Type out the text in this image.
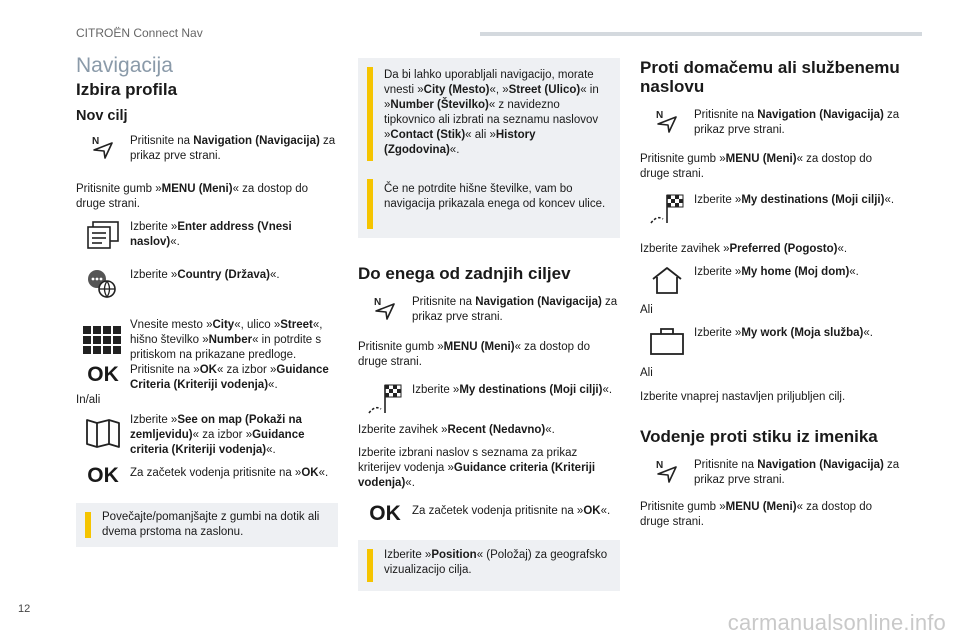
CITROËN Connect Nav
Navigacija
Izbira profila
Nov cilj
N	Pritisnite na Navigation (Navigacija) za prikaz prve strani.

Pritisnite gumb »MENU (Meni)« za dostop do druge strani.

Izberite »Enter address (Vnesi naslov)«.
Izberite »Country (Država)«.
Vnesite mesto »City«, ulico »Street«, hišno številko »Number« in potrdite s pritiskom na prikazane predloge.
OK Pritisnite na »OK« za izbor »Guidance Criteria (Kriteriji vodenja)«.

In/ali

Izberite »See on map (Pokaži na zemljevidu)« za izbor »Guidance criteria (Kriteriji vodenja)«.
OK Za začetek vodenja pritisnite na »OK«.
Povečajte/pomanjšajte z gumbi na dotik ali dvema prstoma na zaslonu.
Da bi lahko uporabljali navigacijo, morate vnesti »City (Mesto)«, »Street (Ulico)« in »Number (Številko)« z navidezno tipkovnico ali izbrati na seznamu naslovov »Contact (Stik)« ali »History (Zgodovina)«.
Če ne potrdite hišne številke, vam bo navigacija prikazala enega od koncev ulice.
Do enega od zadnjih ciljev
N	Pritisnite na Navigation (Navigacija) za prikaz prve strani.

Pritisnite gumb »MENU (Meni)« za dostop do druge strani.

Izberite »My destinations (Moji cilji)«.

Izberite zavihek »Recent (Nedavno)«.

Izberite izbrani naslov s seznama za prikaz kriterijev vodenja »Guidance criteria (Kriteriji vodenja)«.

OK Za začetek vodenja pritisnite na »OK«.
Izberite »Position« (Položaj) za geografsko vizualizacijo cilja.
Proti domačemu ali službenemu naslovu
N	Pritisnite na Navigation (Navigacija) za prikaz prve strani.

Pritisnite gumb »MENU (Meni)« za dostop do druge strani.

Izberite »My destinations (Moji cilji)«.

Izberite zavihek »Preferred (Pogosto)«.

Izberite »My home (Moj dom)«.

Ali

Izberite »My work (Moja služba)«.

Ali

Izberite vnaprej nastavljen priljubljen cilj.

Vodenje proti stiku iz imenika
N	Pritisnite na Navigation (Navigacija) za prikaz prve strani.

Pritisnite gumb »MENU (Meni)« za dostop do druge strani.

12
carmanualsonline.info
